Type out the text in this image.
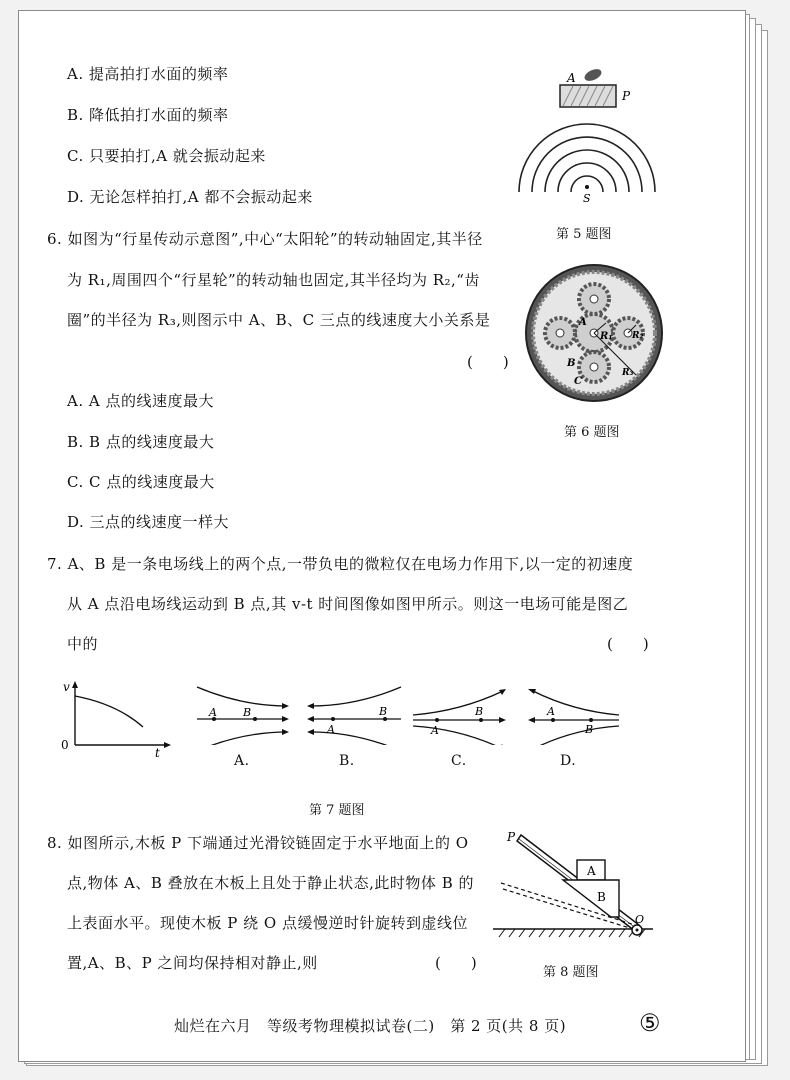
A. 提高拍打水面的频率
B. 降低拍打水面的频率
C. 只要拍打,A 就会振动起来
D. 无论怎样拍打,A 都不会振动起来
A
P
S
第 5 题图
6. 如图为“行星传动示意图”,中心“太阳轮”的转动轴固定,其半径
为 R₁,周围四个“行星轮”的转动轴也固定,其半径均为 R₂,“齿
圈”的半径为 R₃,则图示中 A、B、C 三点的线速度大小关系是
(　　)
A
B
C
R₁ R₂
R₃
第 6 题图
A. A 点的线速度最大
B. B 点的线速度最大
C. C 点的线速度最大
D. 三点的线速度一样大
7. A、B 是一条电场线上的两个点,一带负电的微粒仅在电场力作用下,以一定的初速度
从 A 点沿电场线运动到 B 点,其 v-t 时间图像如图甲所示。则这一电场可能是图乙
中的	(　　)
v
t
0
A B
A
B
A
B	A
B
A.	B.	C.	D.
第 7 题图
8. 如图所示,木板 P 下端通过光滑铰链固定于水平地面上的 O
点,物体 A、B 叠放在木板上且处于静止状态,此时物体 B 的
上表面水平。现使木板 P 绕 O 点缓慢逆时针旋转到虚线位
置,A、B、P 之间均保持相对静止,则	(　　)
P
A
B
O
第 8 题图
灿烂在六月　等级考物理模拟试卷(二)　第 2 页(共 8 页)	⑤
